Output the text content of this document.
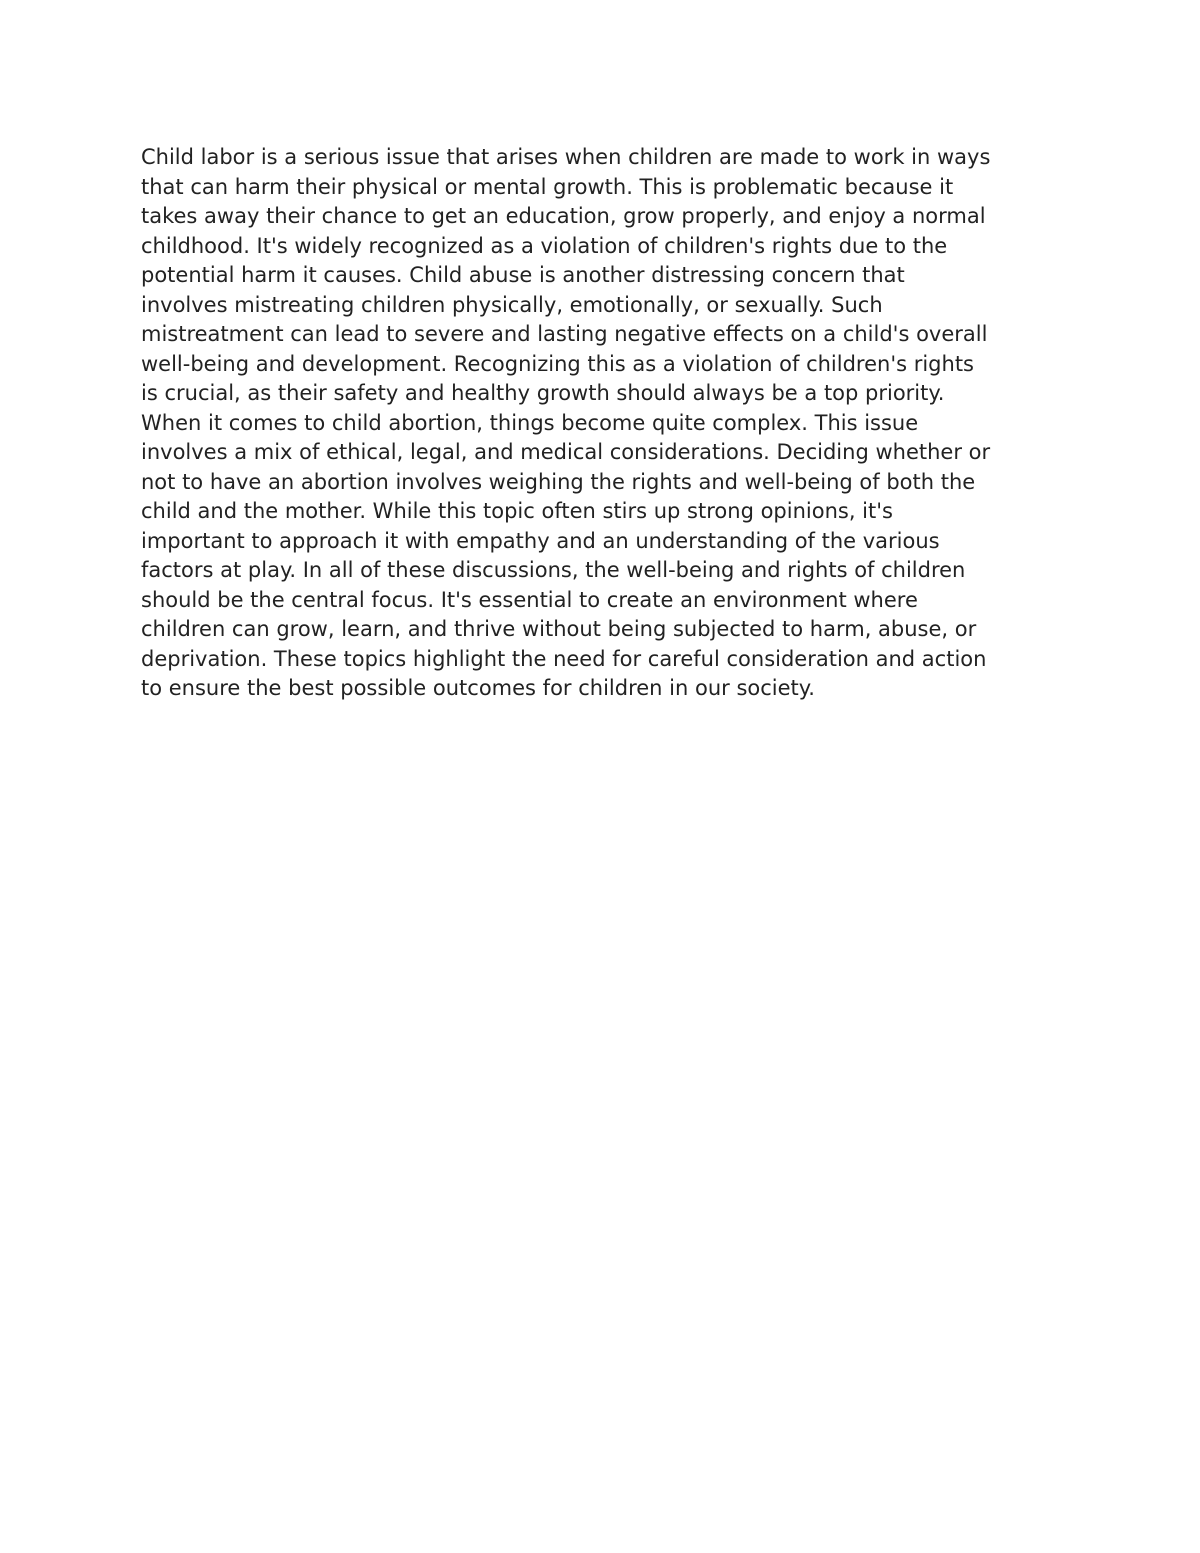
Child labor is a serious issue that arises when children are made to work in ways
that can harm their physical or mental growth. This is problematic because it
takes away their chance to get an education, grow properly, and enjoy a normal
childhood. It's widely recognized as a violation of children's rights due to the
potential harm it causes. Child abuse is another distressing concern that
involves mistreating children physically, emotionally, or sexually. Such
mistreatment can lead to severe and lasting negative effects on a child's overall
well-being and development. Recognizing this as a violation of children's rights
is crucial, as their safety and healthy growth should always be a top priority.
When it comes to child abortion, things become quite complex. This issue
involves a mix of ethical, legal, and medical considerations. Deciding whether or
not to have an abortion involves weighing the rights and well-being of both the
child and the mother. While this topic often stirs up strong opinions, it's
important to approach it with empathy and an understanding of the various
factors at play. In all of these discussions, the well-being and rights of children
should be the central focus. It's essential to create an environment where
children can grow, learn, and thrive without being subjected to harm, abuse, or
deprivation. These topics highlight the need for careful consideration and action
to ensure the best possible outcomes for children in our society.
